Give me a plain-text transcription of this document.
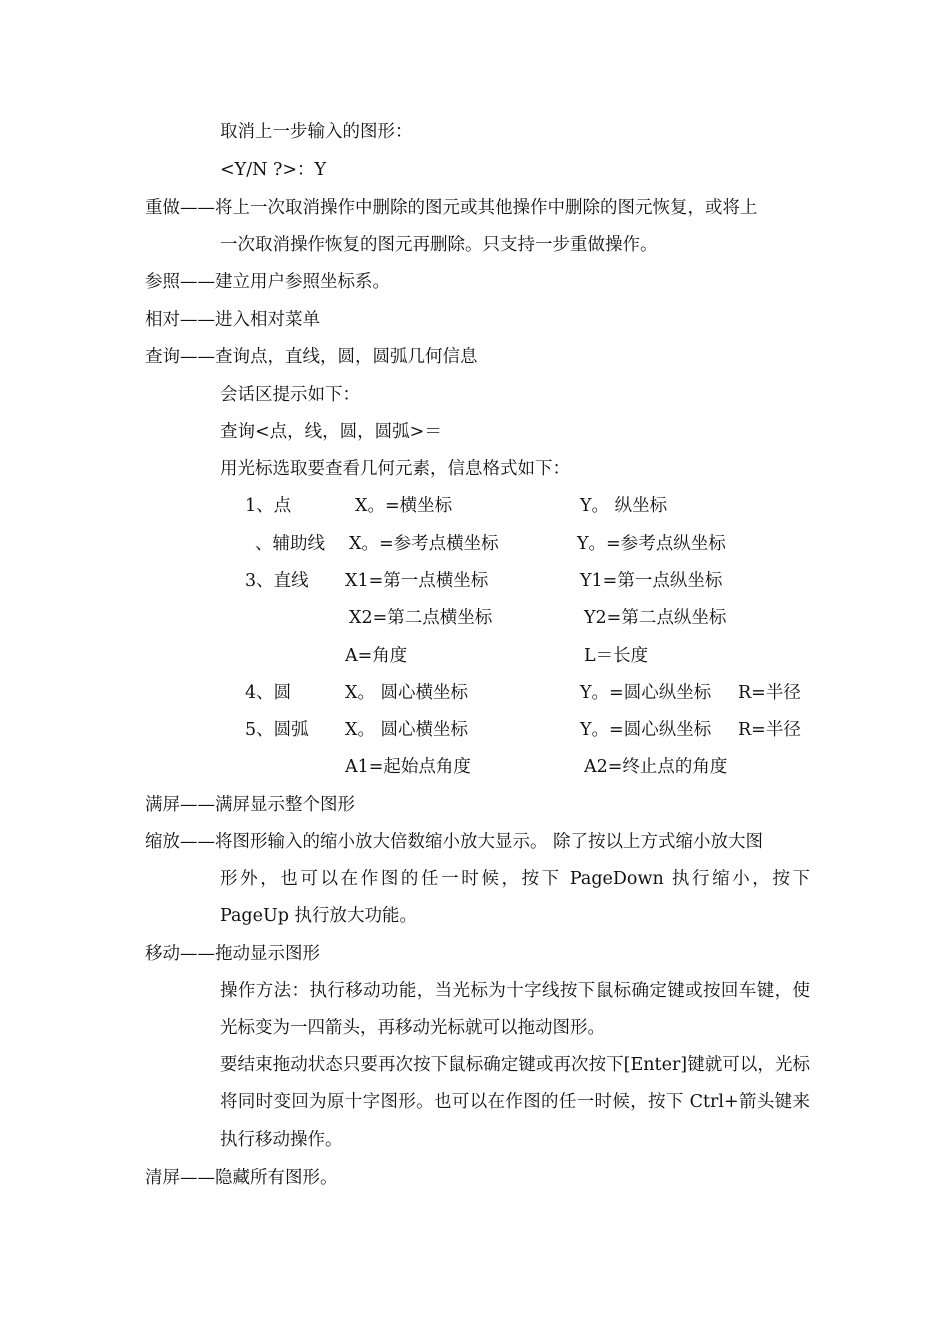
取消上一步输入的图形：
<Y/N ?>：Y
重做——将上一次取消操作中删除的图元或其他操作中删除的图元恢复，或将上
一次取消操作恢复的图元再删除。只支持一步重做操作。
参照——建立用户参照坐标系。
相对——进入相对菜单
查询——查询点，直线，圆，圆弧几何信息
会话区提示如下：
查询<点，线，圆，圆弧>＝
用光标选取要查看几何元素，信息格式如下：
1、点	X。=横坐标	Y。 纵坐标
、辅助线 X。=参考点横坐标	Y。=参考点纵坐标
3、直线 X1=第一点横坐标	Y1=第一点纵坐标
X2=第二点横坐标	Y2=第二点纵坐标
A=角度	L＝长度
4、圆	X。 圆心横坐标	Y。=圆心纵坐标 R=半径
5、圆弧 X。 圆心横坐标	Y。=圆心纵坐标 R=半径
A1=起始点角度	A2=终止点的角度
满屏——满屏显示整个图形
缩放——将图形输入的缩小放大倍数缩小放大显示。 除了按以上方式缩小放大图
形外，也可以在作图的任一时候，按下 PageDown 执行缩小，按下 PageUp 执行放大功能。
移动——拖动显示图形
操作方法：执行移动功能，当光标为十字线按下鼠标确定键或按回车键，使光标变为一四箭头，再移动光标就可以拖动图形。
要结束拖动状态只要再次按下鼠标确定键或再次按下[Enter]键就可以，光标将同时变回为原十字图形。也可以在作图的任一时候，按下 Ctrl+箭头键来执行移动操作。
清屏——隐藏所有图形。
